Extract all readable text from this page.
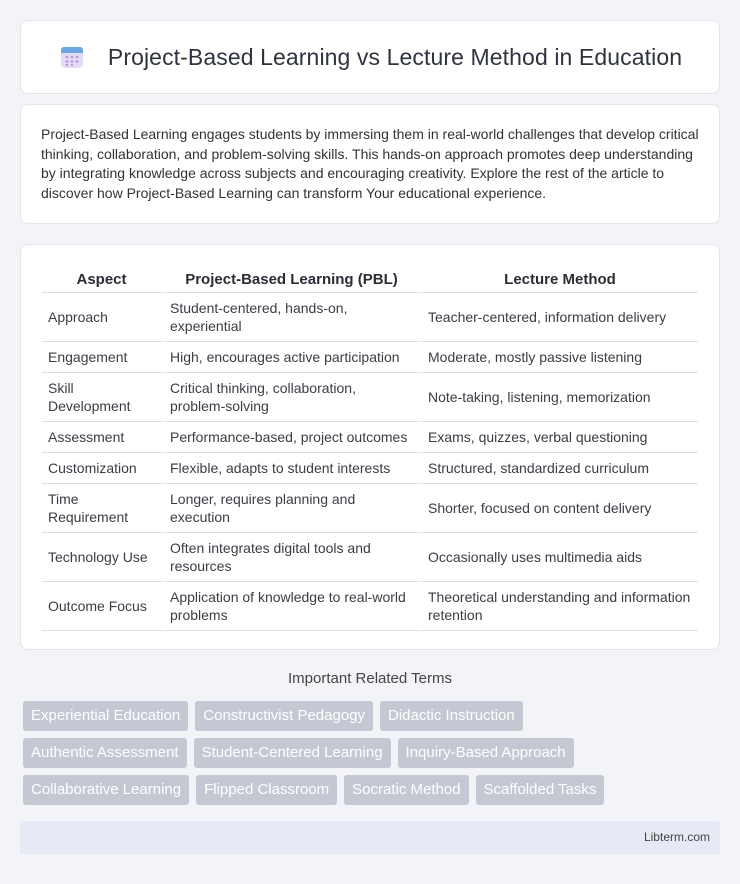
Project-Based Learning vs Lecture Method in Education

Project-Based Learning engages students by immersing them in real-world challenges that develop critical thinking, collaboration, and problem-solving skills. This hands-on approach promotes deep understanding by integrating knowledge across subjects and encouraging creativity. Explore the rest of the article to discover how Project-Based Learning can transform Your educational experience.

Aspect	Project-Based Learning (PBL)	Lecture Method
Approach	Student-centered, hands-on, experiential	Teacher-centered, information delivery
Engagement	High, encourages active participation	Moderate, mostly passive listening
Skill Development	Critical thinking, collaboration, problem-solving	Note-taking, listening, memorization
Assessment	Performance-based, project outcomes	Exams, quizzes, verbal questioning
Customization	Flexible, adapts to student interests	Structured, standardized curriculum
Time Requirement	Longer, requires planning and execution	Shorter, focused on content delivery
Technology Use	Often integrates digital tools and resources	Occasionally uses multimedia aids
Outcome Focus	Application of knowledge to real-world problems	Theoretical understanding and information retention
Important Related Terms
Experiential Education	Constructivist Pedagogy	Didactic Instruction
Authentic Assessment	Student-Centered Learning	Inquiry-Based Approach
Collaborative Learning	Flipped Classroom	Socratic Method	Scaffolded Tasks
Libterm.com
